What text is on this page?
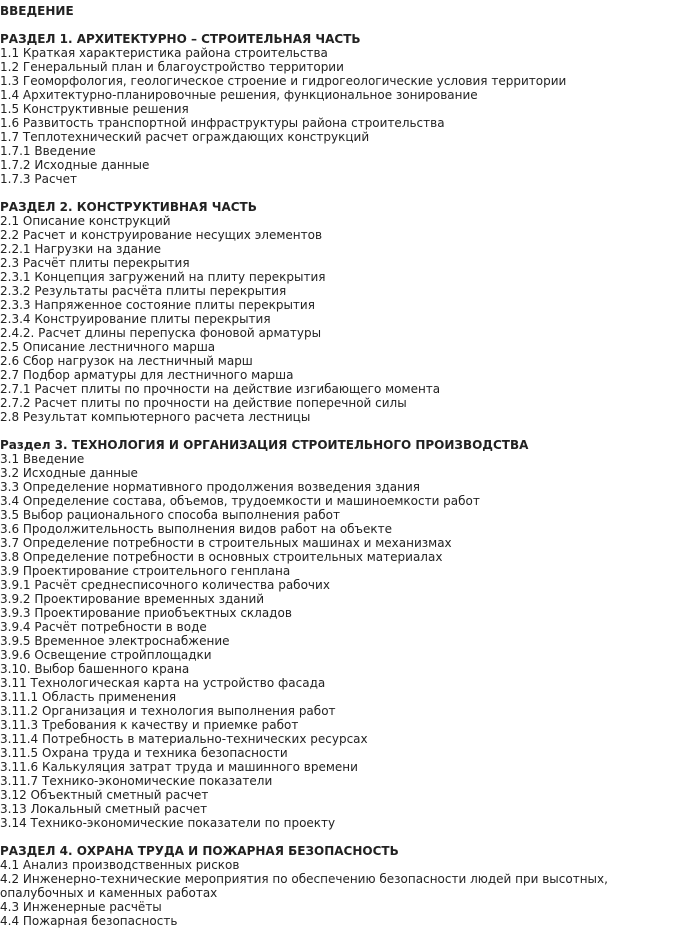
ВВЕДЕНИЕ
РАЗДЕЛ 1. АРХИТЕКТУРНО – СТРОИТЕЛЬНАЯ ЧАСТЬ
1.1 Краткая характеристика района строительства
1.2 Генеральный план и благоустройство территории
1.3 Геоморфология, геологическое строение и гидрогеологические условия территории
1.4 Архитектурно-планировочные решения, функциональное зонирование
1.5 Конструктивные решения
1.6 Развитость транспортной инфраструктуры района строительства
1.7 Теплотехнический расчет ограждающих конструкций
1.7.1 Введение
1.7.2 Исходные данные
1.7.3 Расчет
РАЗДЕЛ 2. КОНСТРУКТИВНАЯ ЧАСТЬ
2.1 Описание конструкций
2.2 Расчет и конструирование несущих элементов
2.2.1 Нагрузки на здание
2.3 Расчёт плиты перекрытия
2.3.1 Концепция загружений на плиту перекрытия
2.3.2 Результаты расчёта плиты перекрытия
2.3.3 Напряженное состояние плиты перекрытия
2.3.4 Конструирование плиты перекрытия
2.4.2. Расчет длины перепуска фоновой арматуры
2.5 Описание лестничного марша
2.6 Сбор нагрузок на лестничный марш
2.7 Подбор арматуры для лестничного марша
2.7.1 Расчет плиты по прочности на действие изгибающего момента
2.7.2 Расчет плиты по прочности на действие поперечной силы
2.8 Результат компьютерного расчета лестницы
Раздел 3. ТЕХНОЛОГИЯ И ОРГАНИЗАЦИЯ СТРОИТЕЛЬНОГО ПРОИЗВОДСТВА
3.1 Введение
3.2 Исходные данные
3.3 Определение нормативного продолжения возведения здания
3.4 Определение состава, объемов, трудоемкости и машиноемкости работ
3.5 Выбор рационального способа выполнения работ
3.6 Продолжительность выполнения видов работ на объекте
3.7 Определение потребности в строительных машинах и механизмах
3.8 Определение потребности в основных строительных материалах
3.9 Проектирование строительного генплана
3.9.1 Расчёт среднесписочного количества рабочих
3.9.2 Проектирование временных зданий
3.9.3 Проектирование приобъектных складов
3.9.4 Расчёт потребности в воде
3.9.5 Временное электроснабжение
3.9.6 Освещение стройплощадки
3.10. Выбор башенного крана
3.11 Технологическая карта на устройство фасада
3.11.1 Область применения
3.11.2 Организация и технология выполнения работ
3.11.3 Требования к качеству и приемке работ
3.11.4 Потребность в материально-технических ресурсах
3.11.5 Охрана труда и техника безопасности
3.11.6 Калькуляция затрат труда и машинного времени
3.11.7 Технико-экономические показатели
3.12 Объектный сметный расчет
3.13 Локальный сметный расчет
3.14 Технико-экономические показатели по проекту
РАЗДЕЛ 4. ОХРАНА ТРУДА И ПОЖАРНАЯ БЕЗОПАСНОСТЬ
4.1 Анализ производственных рисков
4.2 Инженерно-технические мероприятия по обеспечению безопасности людей при высотных, опалубочных и каменных работах
4.3 Инженерные расчёты
4.4 Пожарная безопасность
